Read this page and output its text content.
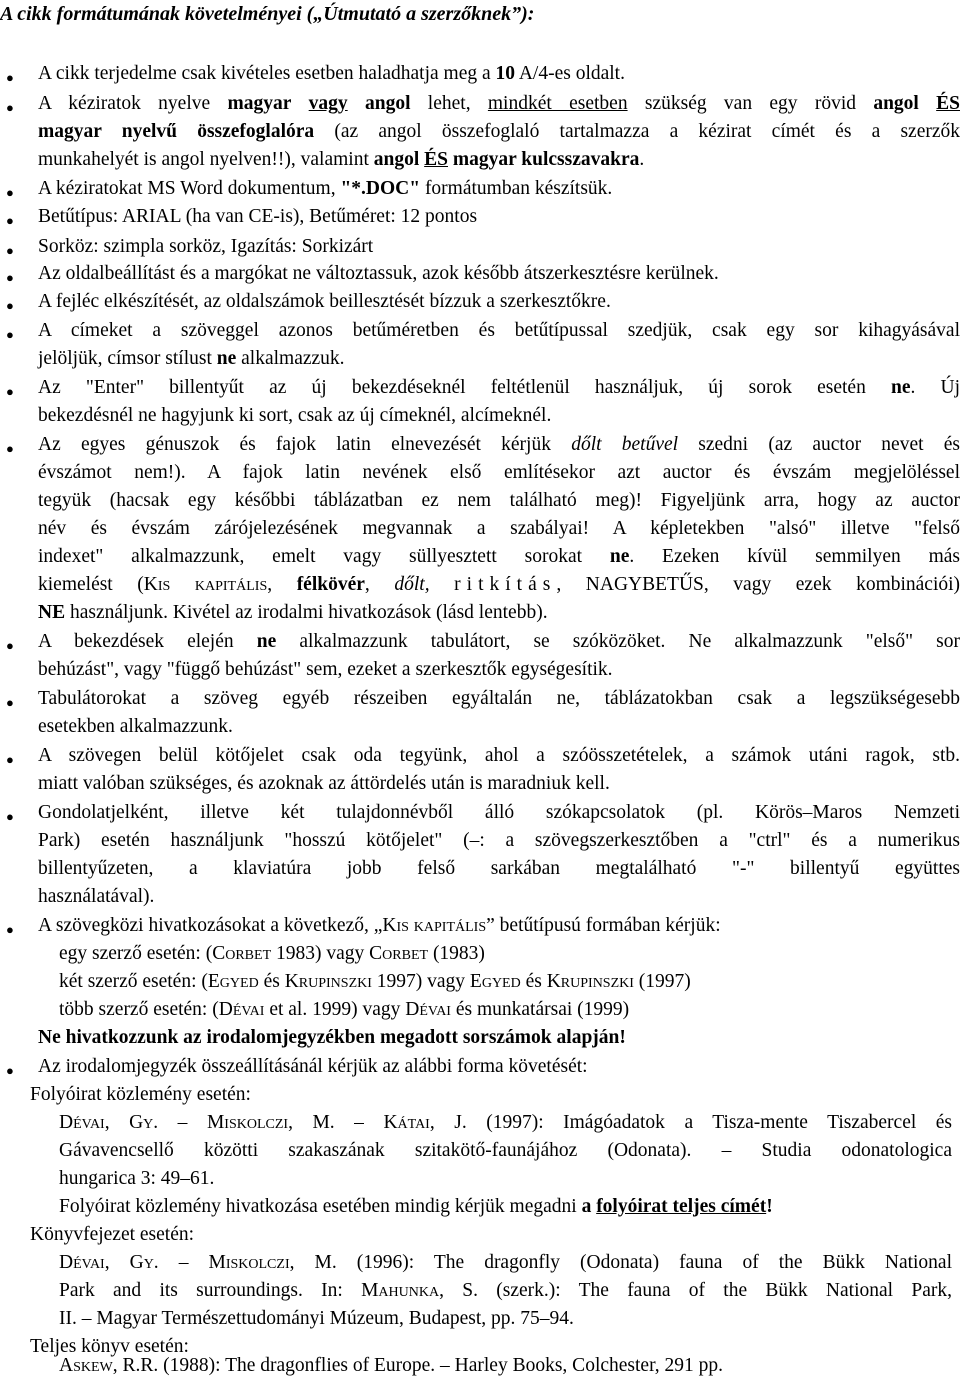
A cikk formátumának követelményei („Útmutató a szerzőknek”):
● A cikk terjedelme csak kivételes esetben haladhatja meg a 10 A/4-es oldalt.
● A kéziratok nyelve magyar vagy angol lehet, mindkét esetben szükség van egy rövid angol ÉS
magyar nyelvű összefoglalóra (az angol összefoglaló tartalmazza a kézirat címét és a szerzők
munkahelyét is angol nyelven!!), valamint angol ÉS magyar kulcsszavakra.
● A kéziratokat MS Word dokumentum, "*.DOC" formátumban készítsük.
● Betűtípus: ARIAL (ha van CE-is), Betűméret: 12 pontos
● Sorköz: szimpla sorköz, Igazítás: Sorkizárt
● Az oldalbeállítást és a margókat ne változtassuk, azok később átszerkesztésre kerülnek.
● A fejléc elkészítését, az oldalszámok beillesztését bízzuk a szerkesztőkre.
● A címeket a szöveggel azonos betűméretben és betűtípussal szedjük, csak egy sor kihagyásával
jelöljük, címsor stílust ne alkalmazzuk.
● Az "Enter" billentyűt az új bekezdéseknél feltétlenül használjuk, új sorok esetén ne. Új
bekezdésnél ne hagyjunk ki sort, csak az új címeknél, alcímeknél.
● Az egyes génuszok és fajok latin elnevezését kérjük dőlt betűvel szedni (az auctor nevet és
évszámot nem!). A fajok latin nevének első említésekor azt auctor és évszám megjelöléssel
tegyük (hacsak egy későbbi táblázatban ez nem található meg)! Figyeljünk arra, hogy az auctor
név és évszám zárójelezésének megvannak a szabályai! A képletekben "alsó" illetve "felső
indexet" alkalmazzunk, emelt vagy süllyesztett sorokat ne. Ezeken kívül semmilyen más
kiemelést (Kis kapitális, félkövér, dőlt, ritkítás, NAGYBETŰS, vagy ezek kombinációi)
NE használjunk. Kivétel az irodalmi hivatkozások (lásd lentebb).
● A bekezdések elején ne alkalmazzunk tabulátort, se szóközöket. Ne alkalmazzunk "első" sor
behúzást", vagy "függő behúzást" sem, ezeket a szerkesztők egységesítik.
● Tabulátorokat a szöveg egyéb részeiben egyáltalán ne, táblázatokban csak a legszükségesebb
esetekben alkalmazzunk.
● A szövegen belül kötőjelet csak oda tegyünk, ahol a szóösszetételek, a számok utáni ragok, stb.
miatt valóban szükséges, és azoknak az áttördelés után is maradniuk kell.
● Gondolatjelként, illetve két tulajdonnévből álló szókapcsolatok (pl. Körös–Maros Nemzeti
Park) esetén használjunk "hosszú kötőjelet" (–: a szövegszerkesztőben a "ctrl" és a numerikus
billentyűzeten, a klaviatúra jobb felső sarkában megtalálható "-" billentyű együttes
használatával).
● A szövegközi hivatkozásokat a következő, „Kis kapitális” betűtípusú formában kérjük:
egy szerző esetén: (Corbet 1983) vagy Corbet (1983)
két szerző esetén: (Egyed és Krupinszki 1997) vagy Egyed és Krupinszki (1997)
több szerző esetén: (Dévai et al. 1999) vagy Dévai és munkatársai (1999)
Ne hivatkozzunk az irodalomjegyzékben megadott sorszámok alapján!
● Az irodalomjegyzék összeállításánál kérjük az alábbi forma követését:
Folyóirat közlemény esetén:
Dévai, Gy. – Miskolczi, M. – Kátai, J. (1997): Imágóadatok a Tisza-mente Tiszabercel és
Gávavencsellő közötti szakaszának szitakötő-faunájához (Odonata). – Studia odonatologica
hungarica 3: 49–61.
Folyóirat közlemény hivatkozása esetében mindig kérjük megadni a folyóirat teljes címét!
Könyvfejezet esetén:
Dévai, Gy. – Miskolczi, M. (1996): The dragonfly (Odonata) fauna of the Bükk National
Park and its surroundings. In: Mahunka, S. (szerk.): The fauna of the Bükk National Park,
II. – Magyar Természettudományi Múzeum, Budapest, pp. 75–94.
Teljes könyv esetén:
Askew, R.R. (1988): The dragonflies of Europe. – Harley Books, Colchester, 291 pp.
